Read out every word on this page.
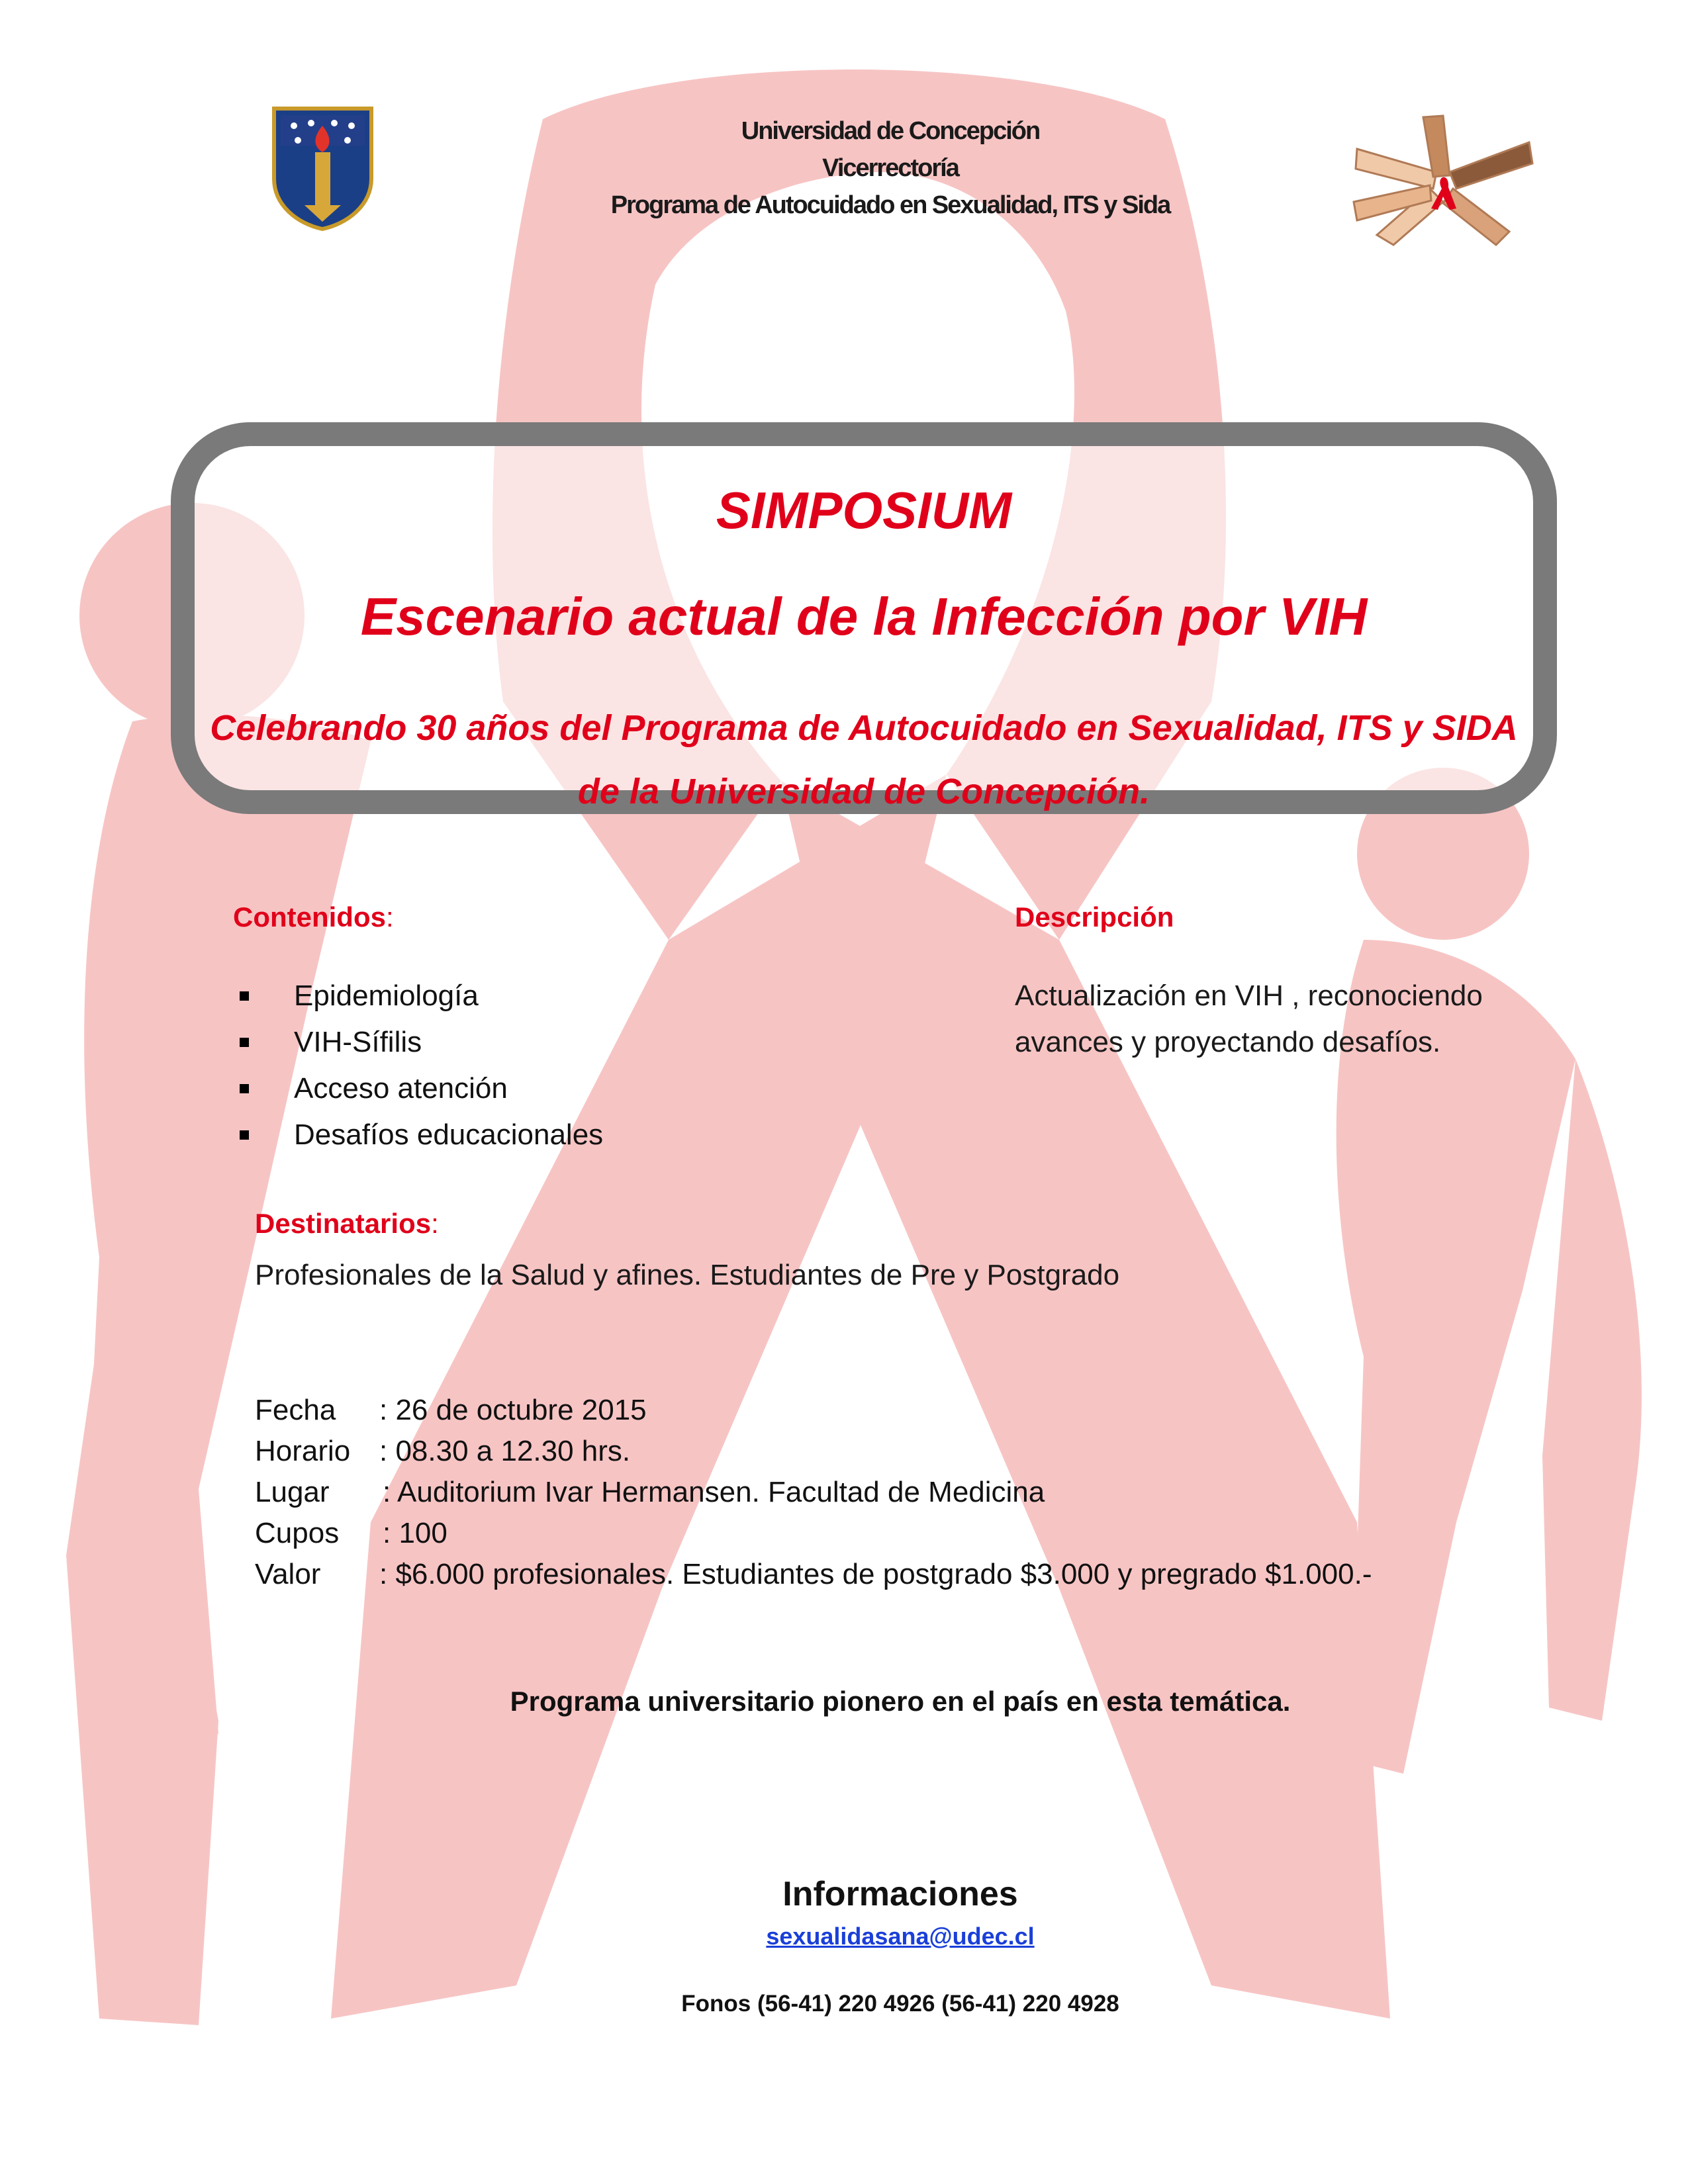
Universidad de Concepción
Vicerrectoría
Programa de Autocuidado en Sexualidad, ITS y Sida
SIMPOSIUM
Escenario actual de la Infección por VIH
Celebrando 30 años del Programa de Autocuidado en Sexualidad, ITS y SIDA de la Universidad de Concepción.
Contenidos:
Epidemiología
VIH-Sífilis
Acceso atención
Desafíos educacionales
Descripción
Actualización en VIH , reconociendo avances y proyectando desafíos.
Destinatarios:
Profesionales de la Salud y afines. Estudiantes de Pre y Postgrado
Fecha : 26 de octubre 2015
Horario : 08.30 a 12.30 hrs.
Lugar : Auditorium Ivar Hermansen. Facultad de Medicina
Cupos : 100
Valor : $6.000 profesionales. Estudiantes de postgrado $3.000 y pregrado $1.000.-
Programa universitario pionero en el país en esta temática.
Informaciones
sexualidasana@udec.cl
Fonos (56-41) 220 4926 (56-41) 220 4928
